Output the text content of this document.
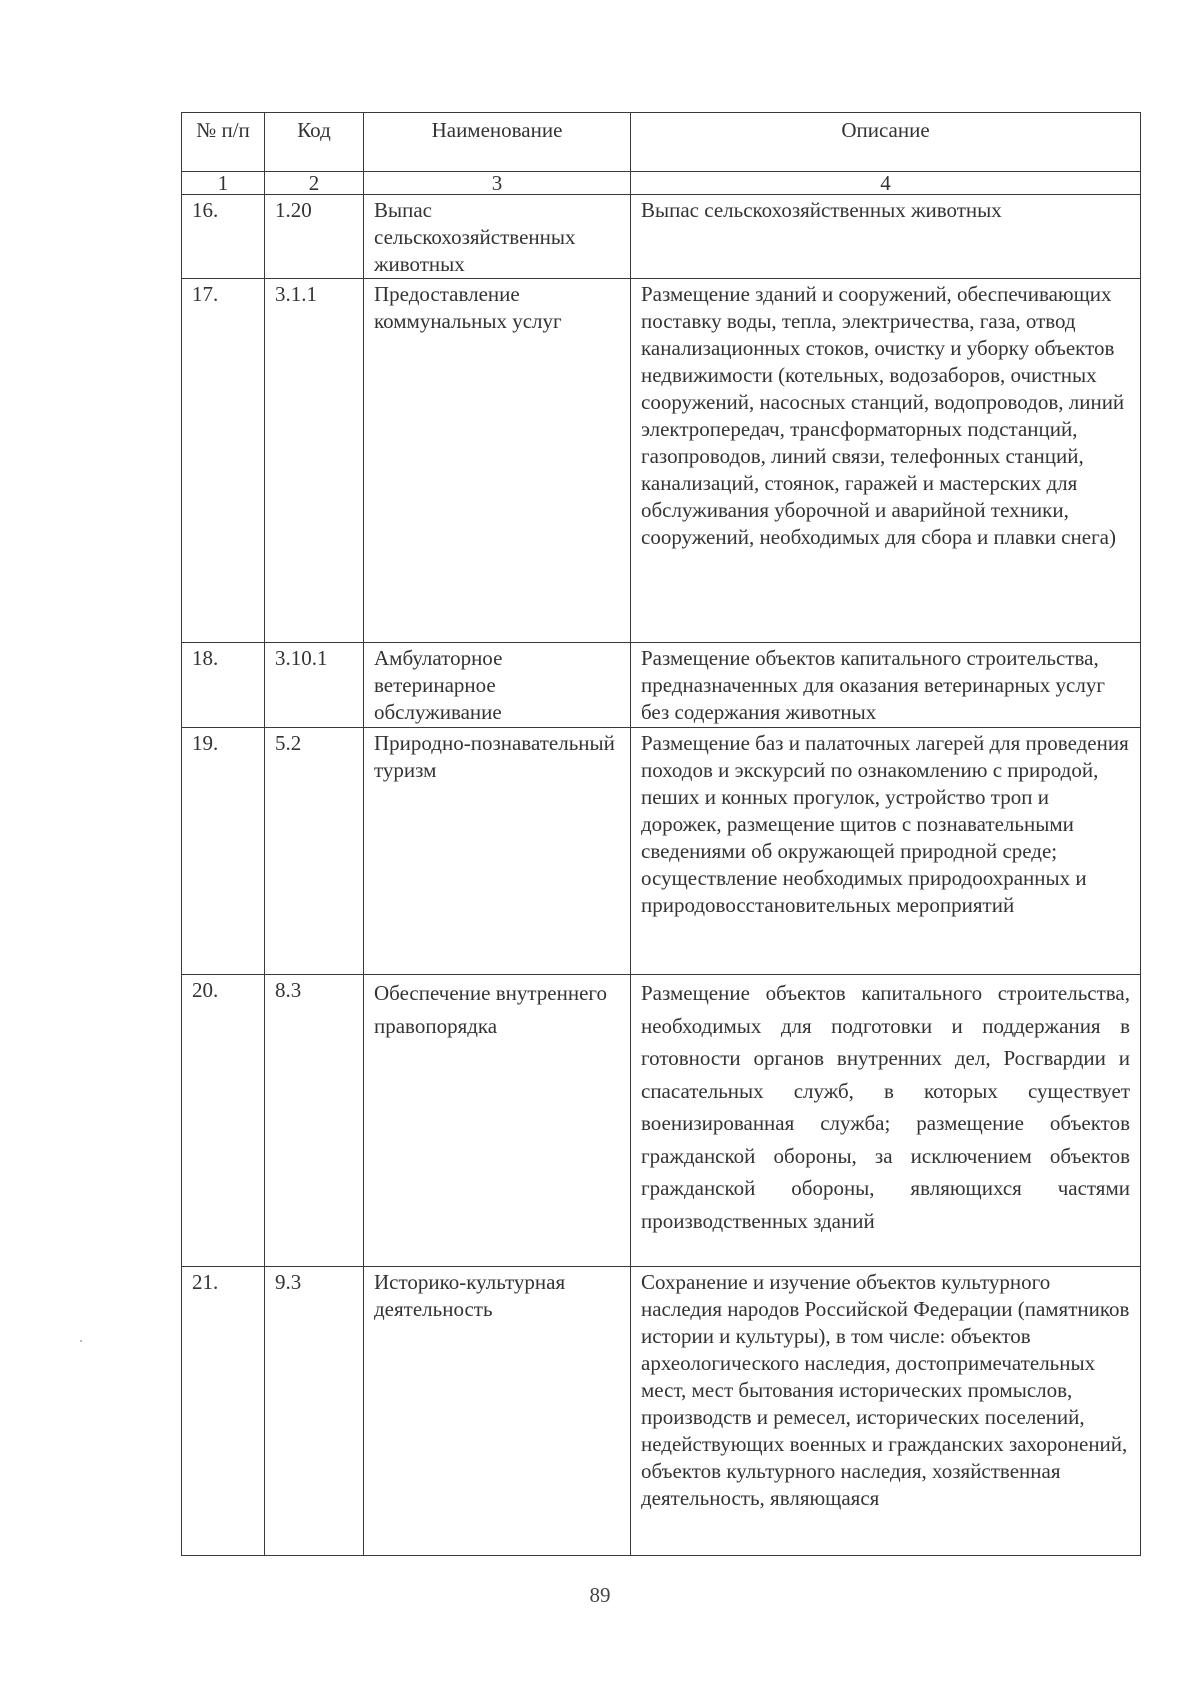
№ п/п	Код	Наименование	Описание
1	2	3	4
16.	1.20	Выпас сельскохозяйственных животных	Выпас сельскохозяйственных животных
17.	3.1.1	Предоставление коммунальных услуг	Размещение зданий и сооружений, обеспечивающих поставку воды, тепла, электричества, газа, отвод канализационных стоков, очистку и уборку объектов недвижимости (котельных, водозаборов, очистных сооружений, насосных станций, водопроводов, линий электропередач, трансформаторных подстанций, газопроводов, линий связи, телефонных станций, канализаций, стоянок, гаражей и мастерских для обслуживания уборочной и аварийной техники, сооружений, необходимых для сбора и плавки снега)
18.	3.10.1	Амбулаторное ветеринарное обслуживание	Размещение объектов капитального строительства, предназначенных для оказания ветеринарных услуг без содержания животных
19.	5.2	Природно-познавательный туризм	Размещение баз и палаточных лагерей для проведения походов и экскурсий по ознакомлению с природой, пеших и конных прогулок, устройство троп и дорожек, размещение щитов с познавательными сведениями об окружающей природной среде; осуществление необходимых природоохранных и природовосстановительных мероприятий
20.	8.3	Обеспечение внутреннего правопорядка	Размещение объектов капитального строительства, необходимых для подготовки и поддержания в готовности органов внутренних дел, Росгвардии и спасательных служб, в которых существует военизированная служба; размещение объектов гражданской обороны, за исключением объектов гражданской обороны, являющихся частями производственных зданий
21.	9.3	Историко-культурная деятельность	Сохранение и изучение объектов культурного наследия народов Российской Федерации (памятников истории и культуры), в том числе: объектов археологического наследия, достопримечательных мест, мест бытования исторических промыслов, производств и ремесел, исторических поселений, недействующих военных и гражданских захоронений, объектов культурного наследия, хозяйственная деятельность, являющаяся
89
